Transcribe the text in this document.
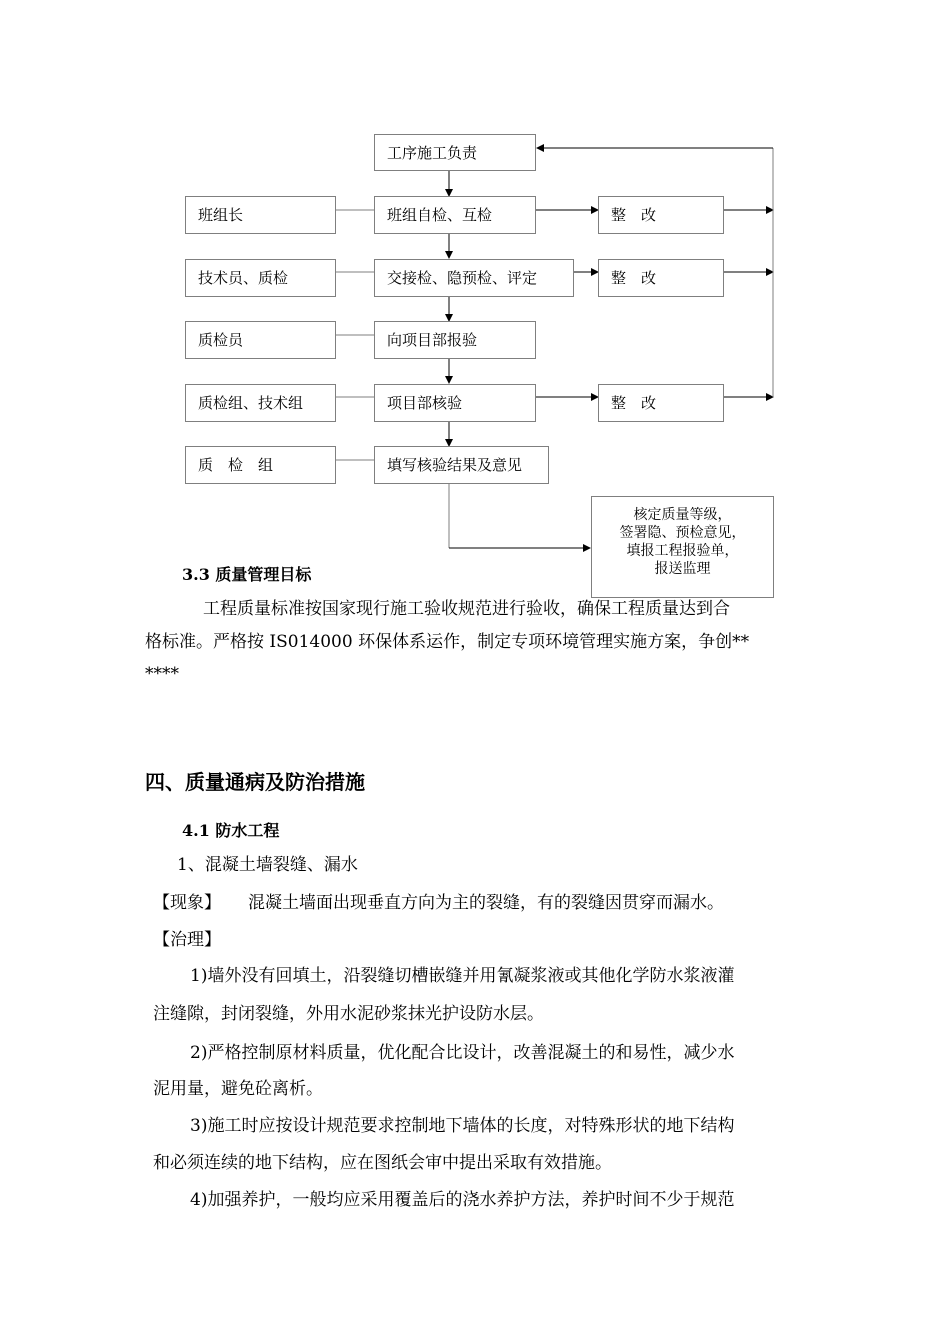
工序施工负责
班组自检、互检
交接检、隐预检、评定
向项目部报验
项目部核验
填写核验结果及意见
班组长
技术员、质检
质检员
质检组、技术组
质　检　组
整　改
整　改
整　改
核定质量等级，
签署隐、预检意见，
填报工程报验单，
报送监理
3.3 质量管理目标
工程质量标准按国家现行施工验收规范进行验收，确保工程质量达到合
格标准。严格按 IS014000 环保体系运作，制定专项环境管理实施方案，争创**
****
四、质量通病及防治措施
4.1 防水工程
1、混凝土墙裂缝、漏水
【现象】 混凝土墙面出现垂直方向为主的裂缝，有的裂缝因贯穿而漏水。
【治理】
1)墙外没有回填土，沿裂缝切槽嵌缝并用氰凝浆液或其他化学防水浆液灌
注缝隙，封闭裂缝，外用水泥砂浆抹光护设防水层。
2)严格控制原材料质量，优化配合比设计，改善混凝土的和易性，减少水
泥用量，避免砼离析。
3)施工时应按设计规范要求控制地下墙体的长度，对特殊形状的地下结构
和必须连续的地下结构，应在图纸会审中提出采取有效措施。
4)加强养护，一般均应采用覆盖后的浇水养护方法，养护时间不少于规范
